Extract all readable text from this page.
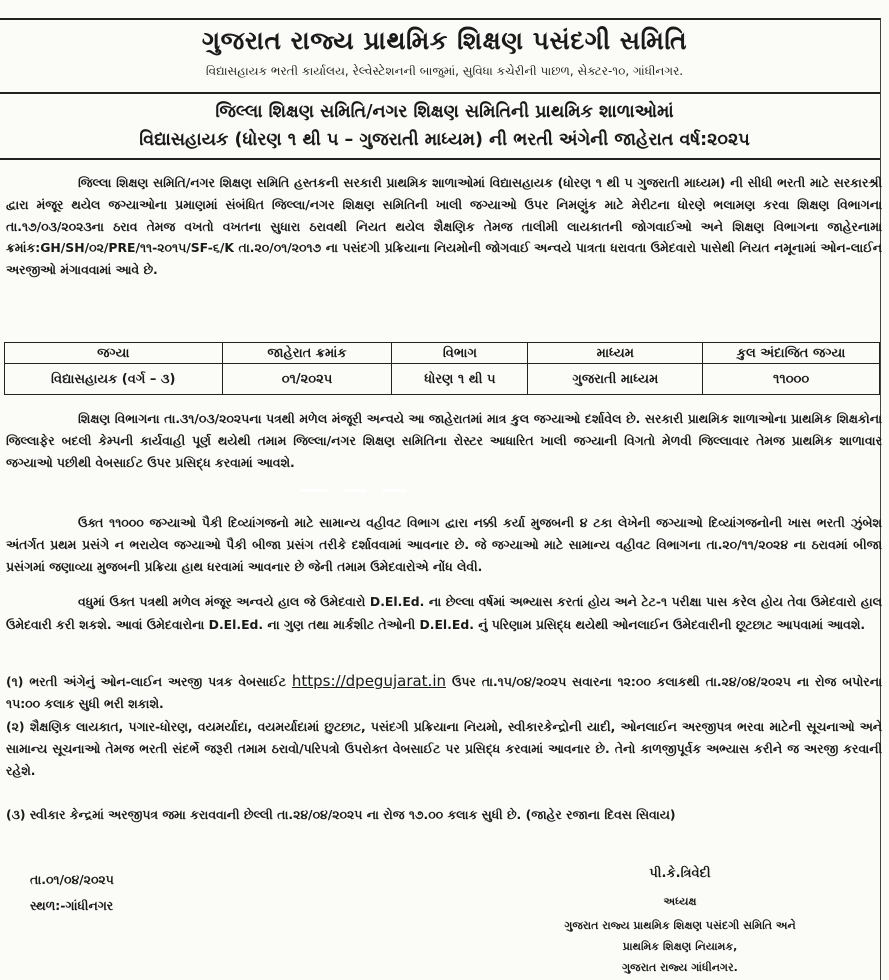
ગુજરાત રાજ્ય પ્રાથમિક શિક્ષણ પસંદગી સમિતિ
વિદ્યાસહાયક ભરતી કાર્યાલય, રેલ્વેસ્ટેશનની બાજુમાં, સુવિધા કચેરીની પાછળ, સેક્ટર-૧૦, ગાંધીનગર.
જિલ્લા શિક્ષણ સમિતિ/નગર શિક્ષણ સમિતિની પ્રાથમિક શાળાઓમાં
વિદ્યાસહાયક (ધોરણ ૧ થી ૫ – ગુજરાતી માધ્યમ) ની ભરતી અંગેની જાહેરાત વર્ષ:૨૦૨૫
જિલ્લા શિક્ષણ સમિતિ/નગર શિક્ષણ સમિતિ હસ્તકની સરકારી પ્રાથમિક શાળાઓમાં વિદ્યાસહાયક (ધોરણ ૧ થી ૫ ગુજરાતી માધ્યમ) ની સીધી ભરતી માટે સરકારશ્રી દ્વારા મંજૂર થયેલ જગ્યાઓના પ્રમાણમાં સંબંધિત જિલ્લા/નગર શિક્ષણ સમિતિની ખાલી જગ્યાઓ ઉપર નિમણુંક માટે મેરીટના ધોરણે ભલામણ કરવા શિક્ષણ વિભાગના તા.૧૭/૦૩/૨૦૨૩ના ઠરાવ તેમજ વખતો વખતના સુધારા ઠરાવથી નિયત થયેલ શૈક્ષણિક તેમજ તાલીમી લાયકાતની જોગવાઈઓ અને શિક્ષણ વિભાગના જાહેરનામા ક્રમાંક:GH/SH/૦૨/PRE/૧૧-૨૦૧૫/SF-૬/K તા.૨૦/૦૧/૨૦૧૭ ના પસંદગી પ્રક્રિયાના નિયમોની જોગવાઈ અન્વયે પાત્રતા ધરાવતા ઉમેદવારો પાસેથી નિયત નમૂનામાં ઓન-લાઈન અરજીઓ મંગાવવામાં આવે છે.
જગ્યા	જાહેરાત ક્રમાંક	વિભાગ	માધ્યમ	કુલ અંદાજિત જગ્યા
વિદ્યાસહાયક (વર્ગ – ૩)	૦૧/૨૦૨૫	ધોરણ ૧ થી ૫	ગુજરાતી માધ્યમ	૧૧૦૦૦
શિક્ષણ વિભાગના તા.૩૧/૦૩/૨૦૨૫ના પત્રથી મળેલ મંજૂરી અન્વયે આ જાહેરાતમાં માત્ર કુલ જગ્યાઓ દર્શાવેલ છે. સરકારી પ્રાથમિક શાળાઓના પ્રાથમિક શિક્ષકોના જિલ્લાફેર બદલી કેમ્પની કાર્યવાહી પૂર્ણ થયેથી તમામ જિલ્લા/નગર શિક્ષણ સમિતિના રોસ્ટર આધારિત ખાલી જગ્યાની વિગતો મેળવી જિલ્લાવાર તેમજ પ્રાથમિક શાળાવાર જગ્યાઓ પછીથી વેબસાઈટ ઉપર પ્રસિદ્ધ કરવામાં આવશે.
ઉક્ત ૧૧૦૦૦ જગ્યાઓ પૈકી દિવ્યાંગજનો માટે સામાન્ય વહીવટ વિભાગ દ્વારા નક્કી કર્યા મુજબની ૪ ટકા લેખેની જગ્યાઓ દિવ્યાંગજનોની ખાસ ભરતી ઝુંબેશ અંતર્ગત પ્રથમ પ્રસંગે ન ભરાયેલ જગ્યાઓ પૈકી બીજા પ્રસંગ તરીકે દર્શાવવામાં આવનાર છે. જે જગ્યાઓ માટે સામાન્ય વહીવટ વિભાગના તા.૨૦/૧૧/૨૦૨૪ ના ઠરાવમાં બીજા પ્રસંગમાં જણાવ્યા મુજબની પ્રક્રિયા હાથ ધરવામાં આવનાર છે જેની તમામ ઉમેદવારોએ નોંધ લેવી.
વધુમાં ઉક્ત પત્રથી મળેલ મંજૂર અન્વયે હાલ જે ઉમેદવારો D.El.Ed. ના છેલ્લા વર્ષમાં અભ્યાસ કરતાં હોય અને ટેટ-૧ પરીક્ષા પાસ કરેલ હોય તેવા ઉમેદવારો હાલ ઉમેદવારી કરી શકશે. આવાં ઉમેદવારોના D.El.Ed. ના ગુણ તથા માર્કશીટ તેઓની D.El.Ed. નું પરિણામ પ્રસિદ્ધ થયેથી ઓનલાઈન ઉમેદવારીની છૂટછાટ આપવામાં આવશે.
(૧) ભરતી અંગેનું ઓન-લાઈન અરજી પત્રક વેબસાઈટ https://dpegujarat.in ઉપર તા.૧૫/૦૪/૨૦૨૫ સવારના ૧૨:૦૦ કલાકથી તા.૨૪/૦૪/૨૦૨૫ ના રોજ બપોરના ૧૫:૦૦ કલાક સુધી ભરી શકાશે.
(૨) શૈક્ષણિક લાયકાત, પગાર-ધોરણ, વયમર્યાદા, વયમર્યાદામાં છુટછાટ, પસંદગી પ્રક્રિયાના નિયમો, સ્વીકારકેન્દ્રોની યાદી, ઓનલાઈન અરજીપત્ર ભરવા માટેની સૂચનાઓ અને સામાન્ય સૂચનાઓ તેમજ ભરતી સંદર્ભે જરૂરી તમામ ઠરાવો/પરિપત્રો ઉપરોક્ત વેબસાઈટ પર પ્રસિદ્ધ કરવામાં આવનાર છે. તેનો કાળજીપૂર્વક અભ્યાસ કરીને જ અરજી કરવાની રહેશે.
(૩) સ્વીકાર કેન્દ્રમાં અરજીપત્ર જમા કરાવવાની છેલ્લી તા.૨૪/૦૪/૨૦૨૫ ના રોજ ૧૭.૦૦ કલાક સુધી છે. (જાહેર રજાના દિવસ સિવાય)
તા.૦૧/૦૪/૨૦૨૫
સ્થળ:-ગાંધીનગર
પી.કે.ત્રિવેદી
અધ્યક્ષ
ગુજરાત રાજ્ય પ્રાથમિક શિક્ષણ પસંદગી સમિતિ અને
પ્રાથમિક શિક્ષણ નિયામક,
ગુજરાત રાજ્ય ગાંધીનગર.
